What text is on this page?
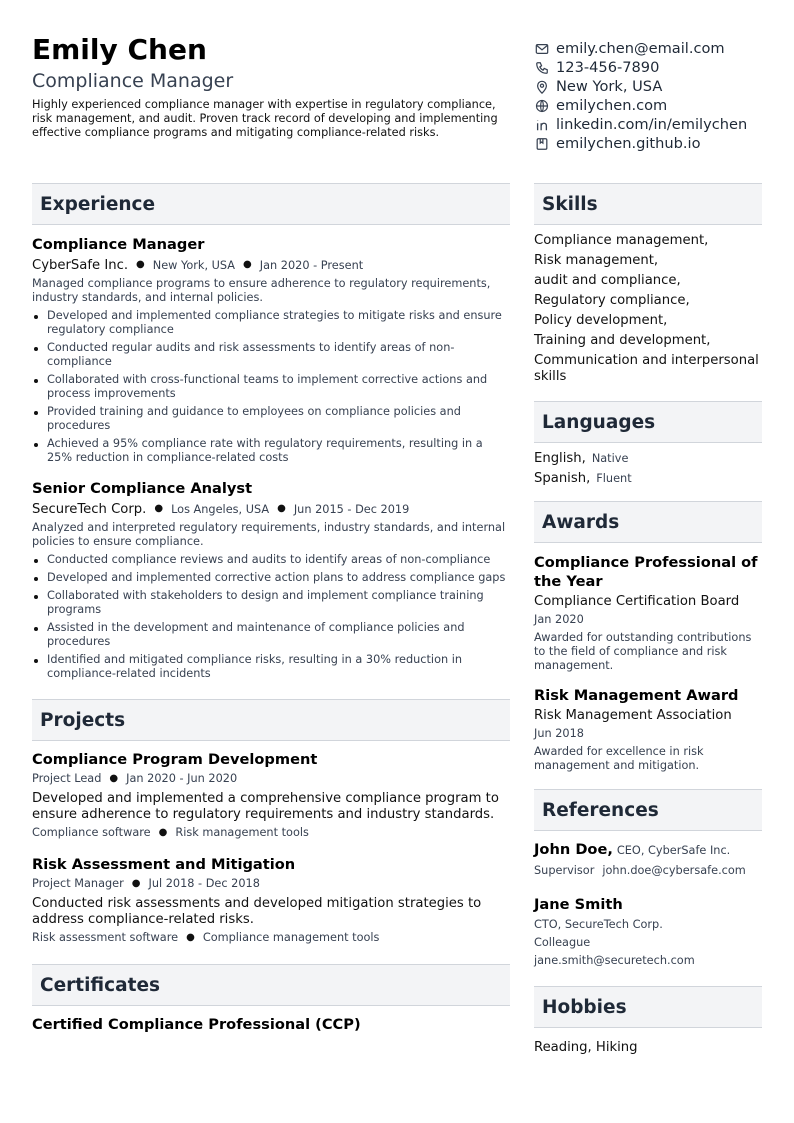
Emily Chen
Compliance Manager
Highly experienced compliance manager with expertise in regulatory compliance, risk management, and audit. Proven track record of developing and implementing effective compliance programs and mitigating compliance-related risks.
emily.chen@email.com
123-456-7890
New York, USA
emilychen.com
linkedin.com/in/emilychen
emilychen.github.io
Experience
Compliance Manager
CyberSafe Inc. ● New York, USA ● Jan 2020 - Present
Managed compliance programs to ensure adherence to regulatory requirements, industry standards, and internal policies.
Developed and implemented compliance strategies to mitigate risks and ensure regulatory compliance
Conducted regular audits and risk assessments to identify areas of non-compliance
Collaborated with cross-functional teams to implement corrective actions and process improvements
Provided training and guidance to employees on compliance policies and procedures
Achieved a 95% compliance rate with regulatory requirements, resulting in a 25% reduction in compliance-related costs
Senior Compliance Analyst
SecureTech Corp. ● Los Angeles, USA ● Jun 2015 - Dec 2019
Analyzed and interpreted regulatory requirements, industry standards, and internal policies to ensure compliance.
Conducted compliance reviews and audits to identify areas of non-compliance
Developed and implemented corrective action plans to address compliance gaps
Collaborated with stakeholders to design and implement compliance training programs
Assisted in the development and maintenance of compliance policies and procedures
Identified and mitigated compliance risks, resulting in a 30% reduction in compliance-related incidents
Projects
Compliance Program Development
Project Lead ● Jan 2020 - Jun 2020
Developed and implemented a comprehensive compliance program to ensure adherence to regulatory requirements and industry standards.
Compliance software ● Risk management tools
Risk Assessment and Mitigation
Project Manager ● Jul 2018 - Dec 2018
Conducted risk assessments and developed mitigation strategies to address compliance-related risks.
Risk assessment software ● Compliance management tools
Certificates
Certified Compliance Professional (CCP)
Skills
Compliance management,
Risk management,
audit and compliance,
Regulatory compliance,
Policy development,
Training and development,
Communication and interpersonal skills
Languages
English, Native
Spanish, Fluent
Awards
Compliance Professional of the Year
Compliance Certification Board
Jan 2020
Awarded for outstanding contributions to the field of compliance and risk management.
Risk Management Award
Risk Management Association
Jun 2018
Awarded for excellence in risk management and mitigation.
References
John Doe, CEO, CyberSafe Inc.
Supervisor john.doe@cybersafe.com
Jane Smith
CTO, SecureTech Corp.
Colleague
jane.smith@securetech.com
Hobbies
Reading, Hiking
